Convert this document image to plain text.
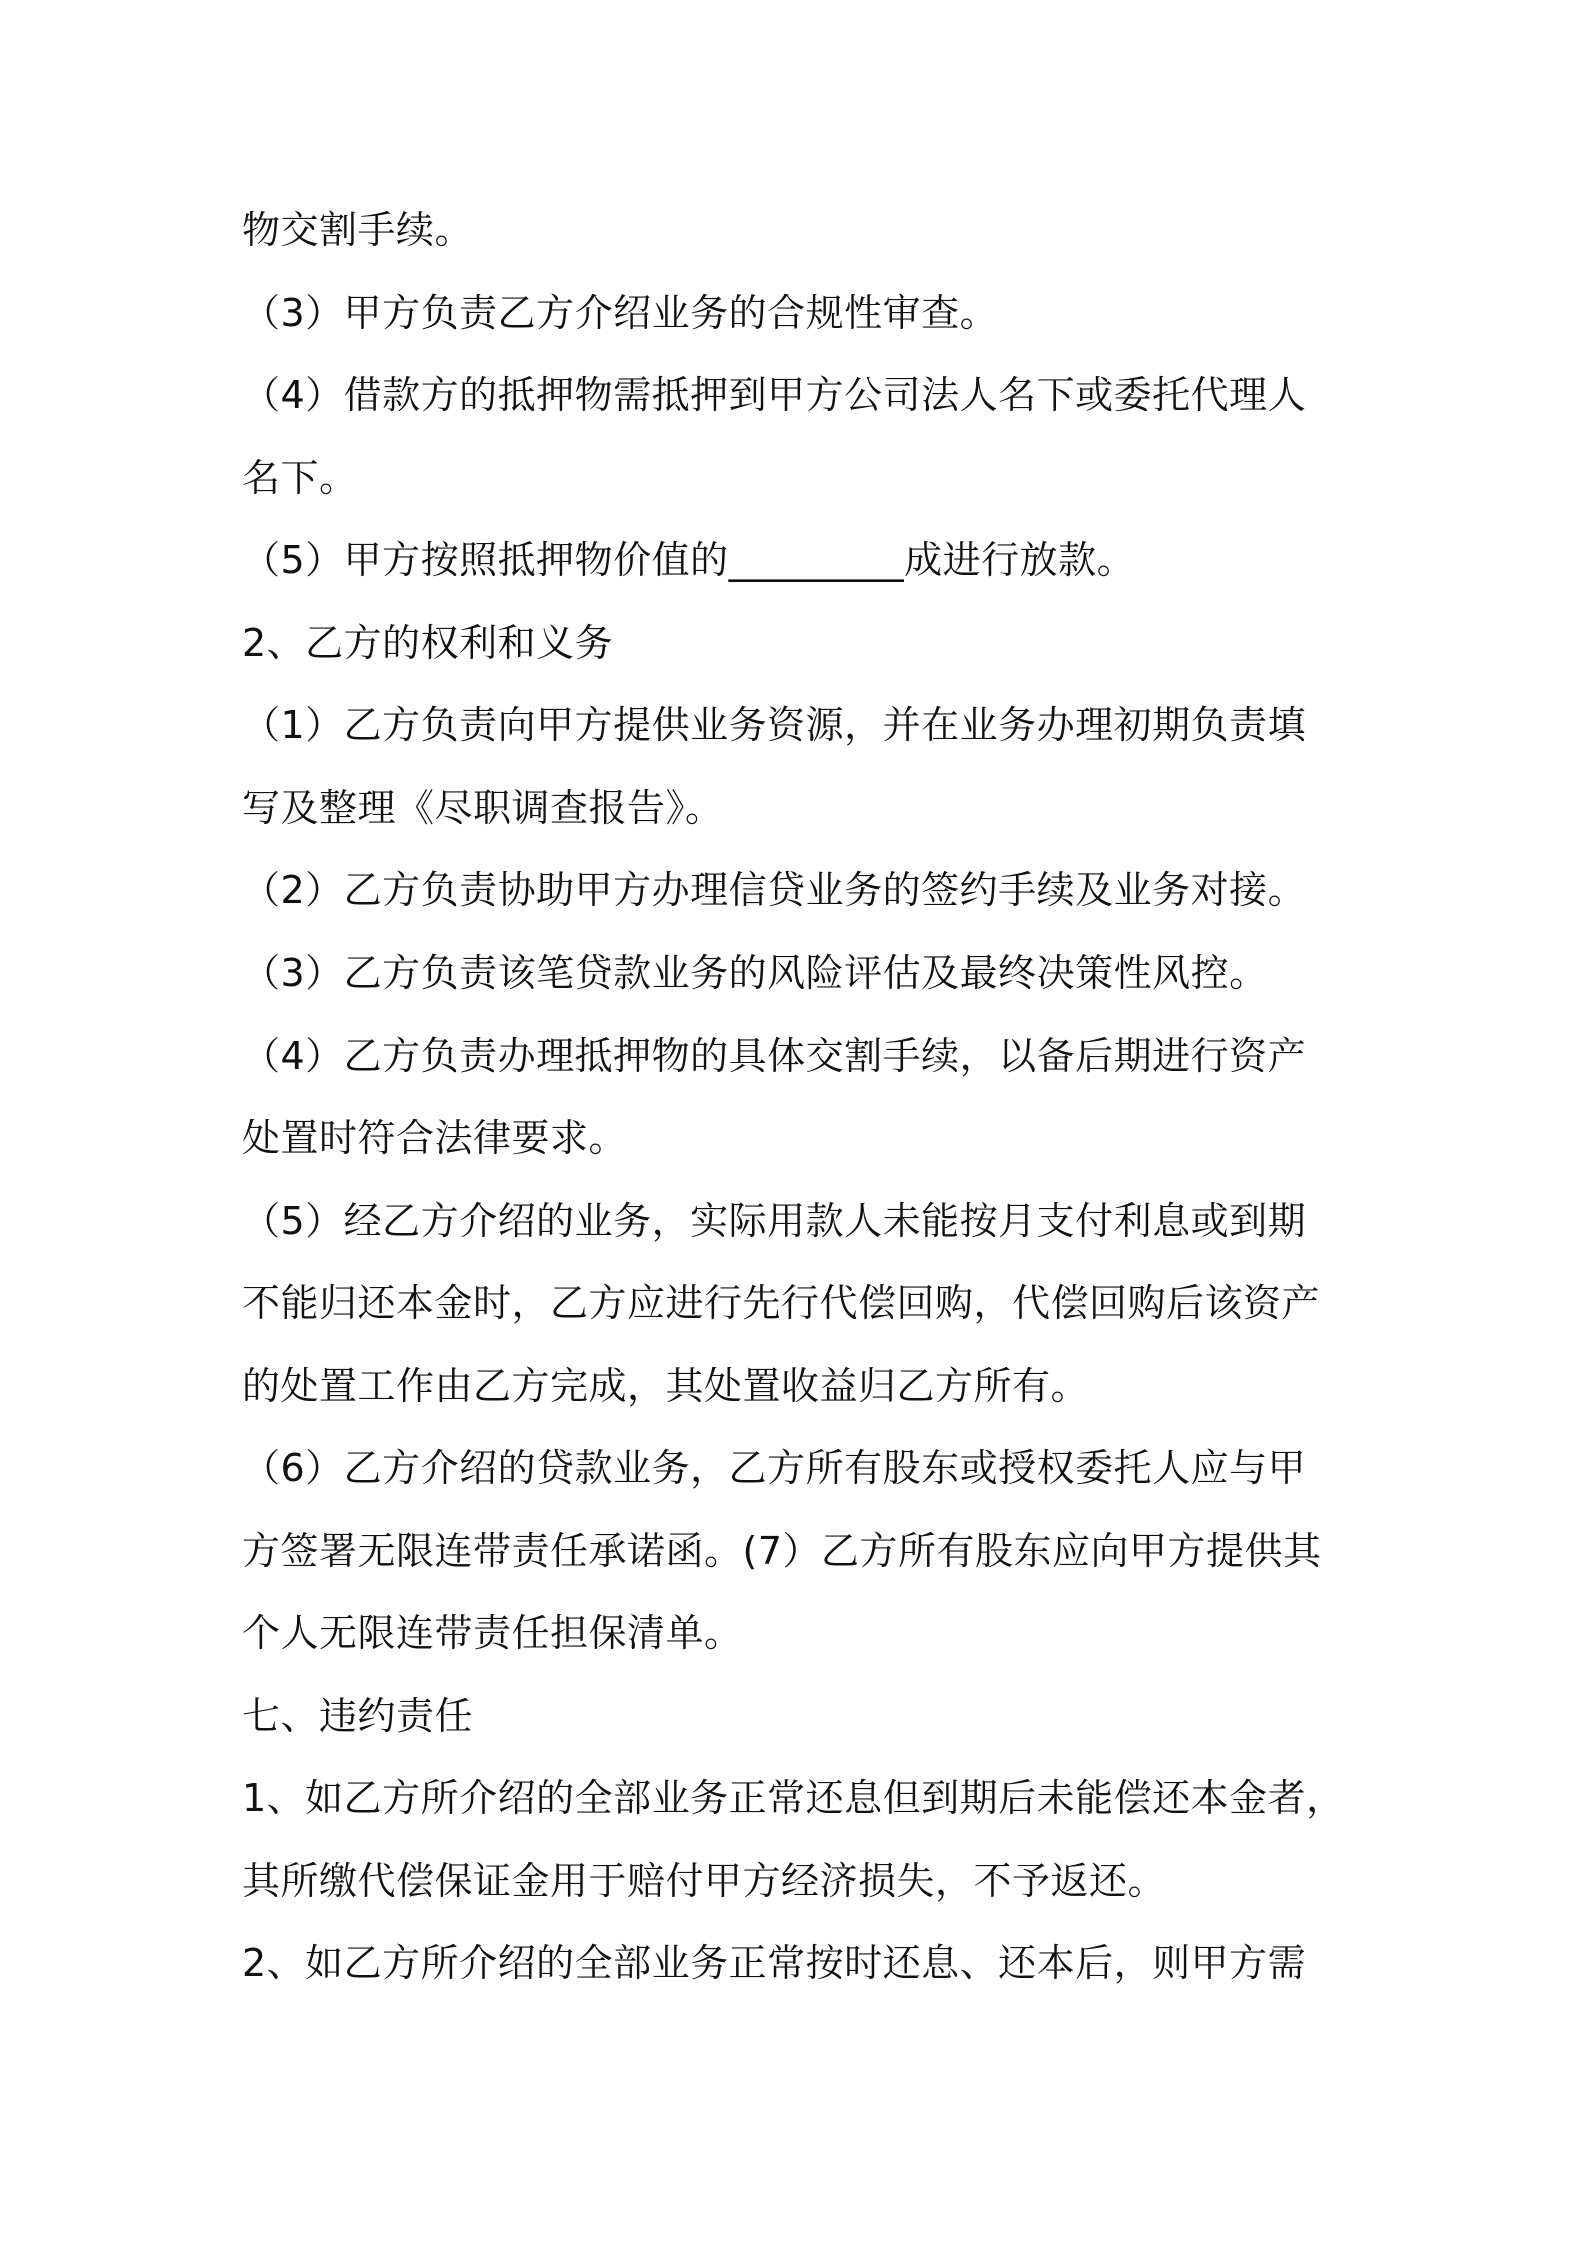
物交割手续。
（3）甲方负责乙方介绍业务的合规性审查。
（4）借款方的抵押物需抵押到甲方公司法人名下或委托代理人
名下。
（5）甲方按照抵押物价值的_________成进行放款。
2、乙方的权利和义务
（1）乙方负责向甲方提供业务资源，并在业务办理初期负责填
写及整理《尽职调查报告》。
（2）乙方负责协助甲方办理信贷业务的签约手续及业务对接。
（3）乙方负责该笔贷款业务的风险评估及最终决策性风控。
（4）乙方负责办理抵押物的具体交割手续，以备后期进行资产
处置时符合法律要求。
（5）经乙方介绍的业务，实际用款人未能按月支付利息或到期
不能归还本金时，乙方应进行先行代偿回购，代偿回购后该资产
的处置工作由乙方完成，其处置收益归乙方所有。
（6）乙方介绍的贷款业务，乙方所有股东或授权委托人应与甲
方签署无限连带责任承诺函。(7）乙方所有股东应向甲方提供其
个人无限连带责任担保清单。
七、违约责任
1、如乙方所介绍的全部业务正常还息但到期后未能偿还本金者，
其所缴代偿保证金用于赔付甲方经济损失，不予返还。
2、如乙方所介绍的全部业务正常按时还息、还本后，则甲方需
